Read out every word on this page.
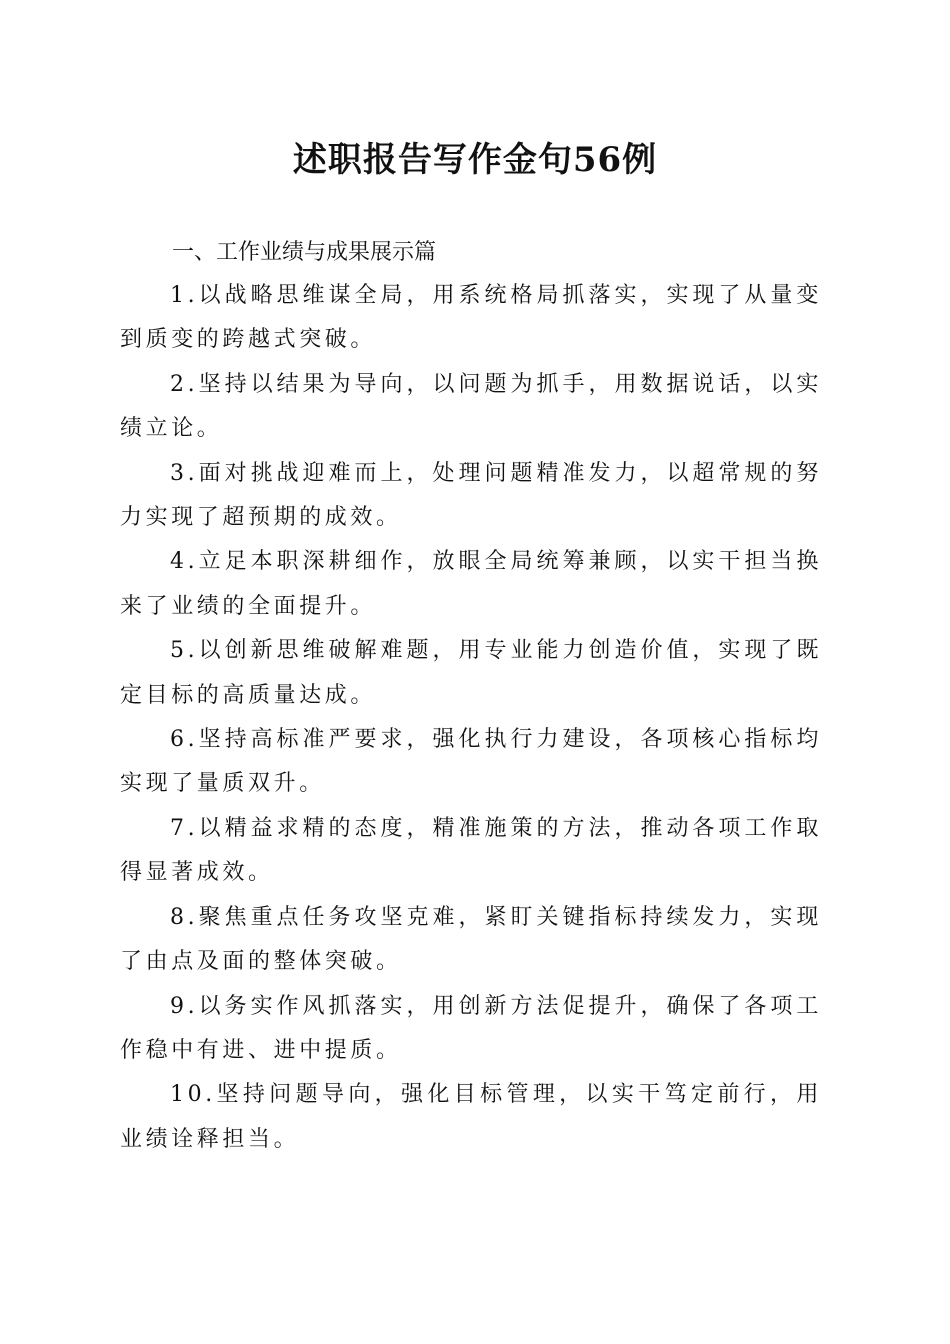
述职报告写作金句56例
一、工作业绩与成果展示篇

1.以战略思维谋全局，用系统格局抓落实，实现了从量变到质变的跨越式突破。

2.坚持以结果为导向，以问题为抓手，用数据说话，以实绩立论。

3.面对挑战迎难而上，处理问题精准发力，以超常规的努力实现了超预期的成效。

4.立足本职深耕细作，放眼全局统筹兼顾，以实干担当换来了业绩的全面提升。

5.以创新思维破解难题，用专业能力创造价值，实现了既定目标的高质量达成。

6.坚持高标准严要求，强化执行力建设，各项核心指标均实现了量质双升。

7.以精益求精的态度，精准施策的方法，推动各项工作取得显著成效。

8.聚焦重点任务攻坚克难，紧盯关键指标持续发力，实现了由点及面的整体突破。

9.以务实作风抓落实，用创新方法促提升，确保了各项工作稳中有进、进中提质。

10.坚持问题导向，强化目标管理，以实干笃定前行，用业绩诠释担当。
